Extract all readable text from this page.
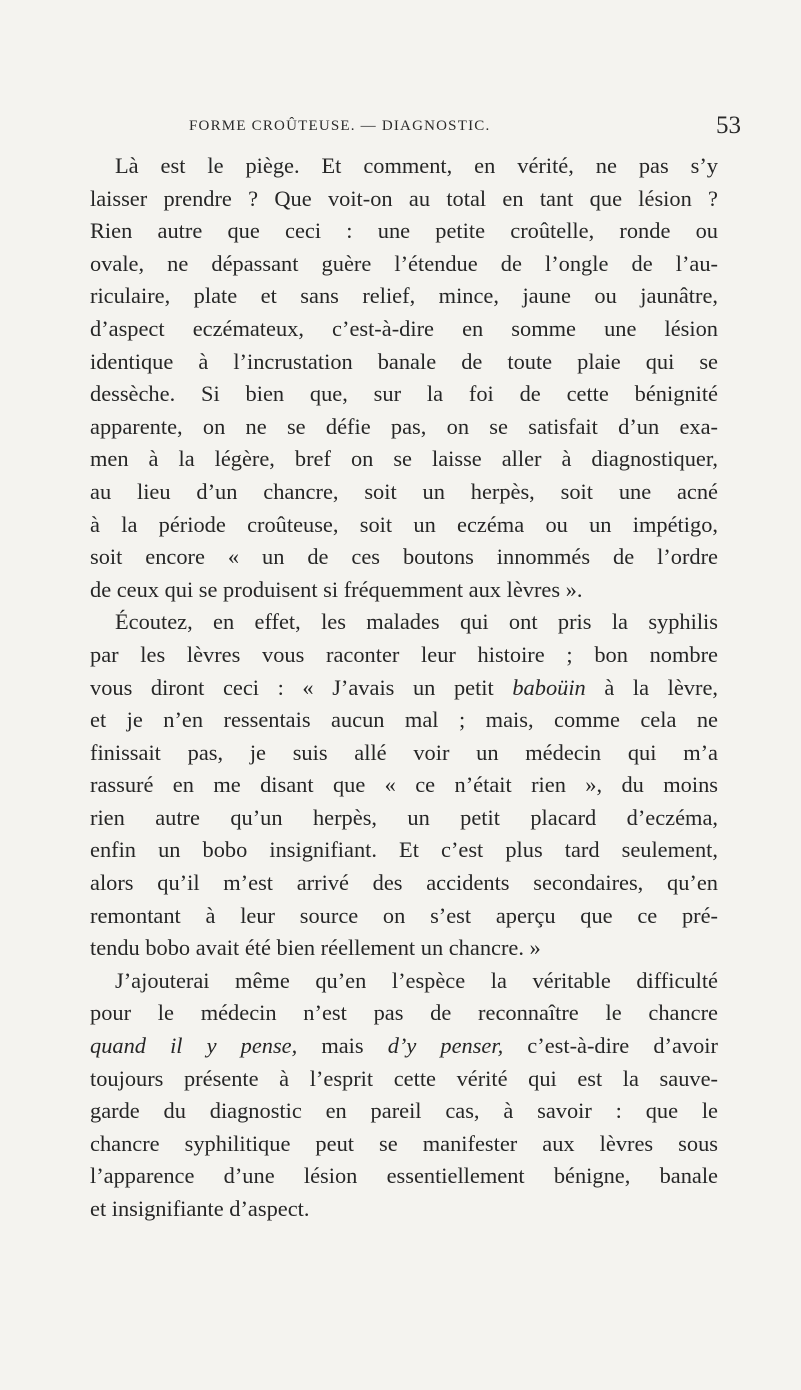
FORME CROÛTEUSE. — DIAGNOSTIC.	53
Là est le piège. Et comment, en vérité, ne pas s’y
laisser prendre ? Que voit-on au total en tant que lésion ?
Rien autre que ceci : une petite croûtelle, ronde ou
ovale, ne dépassant guère l’étendue de l’ongle de l’au-
riculaire, plate et sans relief, mince, jaune ou jaunâtre,
d’aspect eczémateux, c’est-à-dire en somme une lésion
identique à l’incrustation banale de toute plaie qui se
dessèche. Si bien que, sur la foi de cette bénignité
apparente, on ne se défie pas, on se satisfait d’un exa-
men à la légère, bref on se laisse aller à diagnostiquer,
au lieu d’un chancre, soit un herpès, soit une acné
à la période croûteuse, soit un eczéma ou un impétigo,
soit encore « un de ces boutons innommés de l’ordre
de ceux qui se produisent si fréquemment aux lèvres ».
Écoutez, en effet, les malades qui ont pris la syphilis
par les lèvres vous raconter leur histoire ; bon nombre
vous diront ceci : « J’avais un petit baboüin à la lèvre,
et je n’en ressentais aucun mal ; mais, comme cela ne
finissait pas, je suis allé voir un médecin qui m’a
rassuré en me disant que « ce n’était rien », du moins
rien autre qu’un herpès, un petit placard d’eczéma,
enfin un bobo insignifiant. Et c’est plus tard seulement,
alors qu’il m’est arrivé des accidents secondaires, qu’en
remontant à leur source on s’est aperçu que ce pré-
tendu bobo avait été bien réellement un chancre. »
J’ajouterai même qu’en l’espèce la véritable difficulté
pour le médecin n’est pas de reconnaître le chancre
quand il y pense, mais d’y penser, c’est-à-dire d’avoir
toujours présente à l’esprit cette vérité qui est la sauve-
garde du diagnostic en pareil cas, à savoir : que le
chancre syphilitique peut se manifester aux lèvres sous
l’apparence d’une lésion essentiellement bénigne, banale
et insignifiante d’aspect.
